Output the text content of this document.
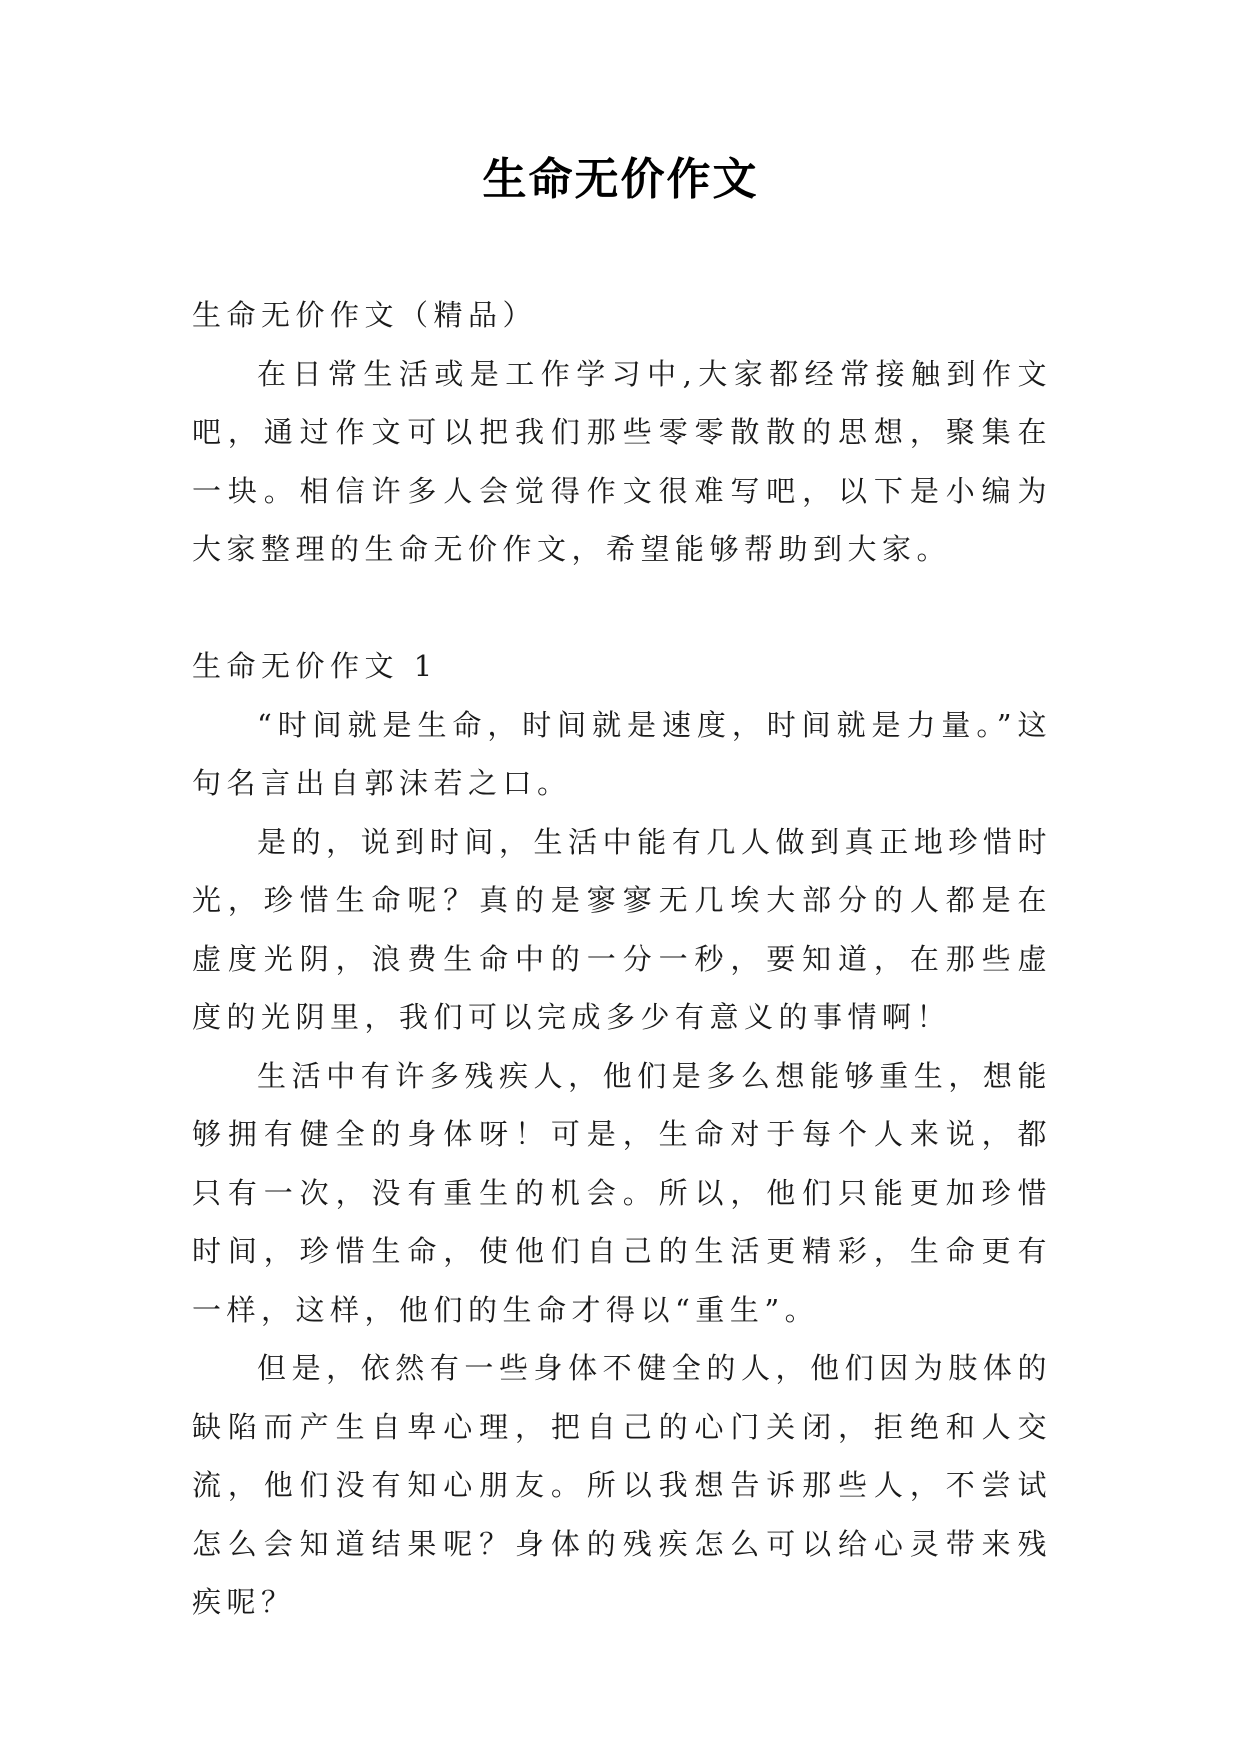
生命无价作文

生命无价作文（精品）

在日常生活或是工作学习中,大家都经常接触到作文吧，通过作文可以把我们那些零零散散的思想，聚集在一块。相信许多人会觉得作文很难写吧，以下是小编为大家整理的生命无价作文，希望能够帮助到大家。

生命无价作文 1

“时间就是生命，时间就是速度，时间就是力量。”这句名言出自郭沫若之口。

是的，说到时间，生活中能有几人做到真正地珍惜时光，珍惜生命呢？真的是寥寥无几埃大部分的人都是在虚度光阴，浪费生命中的一分一秒，要知道，在那些虚度的光阴里，我们可以完成多少有意义的事情啊！

生活中有许多残疾人，他们是多么想能够重生，想能够拥有健全的身体呀！可是，生命对于每个人来说，都只有一次，没有重生的机会。所以，他们只能更加珍惜时间，珍惜生命，使他们自己的生活更精彩，生命更有一样，这样，他们的生命才得以“重生”。

但是，依然有一些身体不健全的人，他们因为肢体的缺陷而产生自卑心理，把自己的心门关闭，拒绝和人交流，他们没有知心朋友。所以我想告诉那些人，不尝试怎么会知道结果呢？身体的残疾怎么可以给心灵带来残疾呢？
